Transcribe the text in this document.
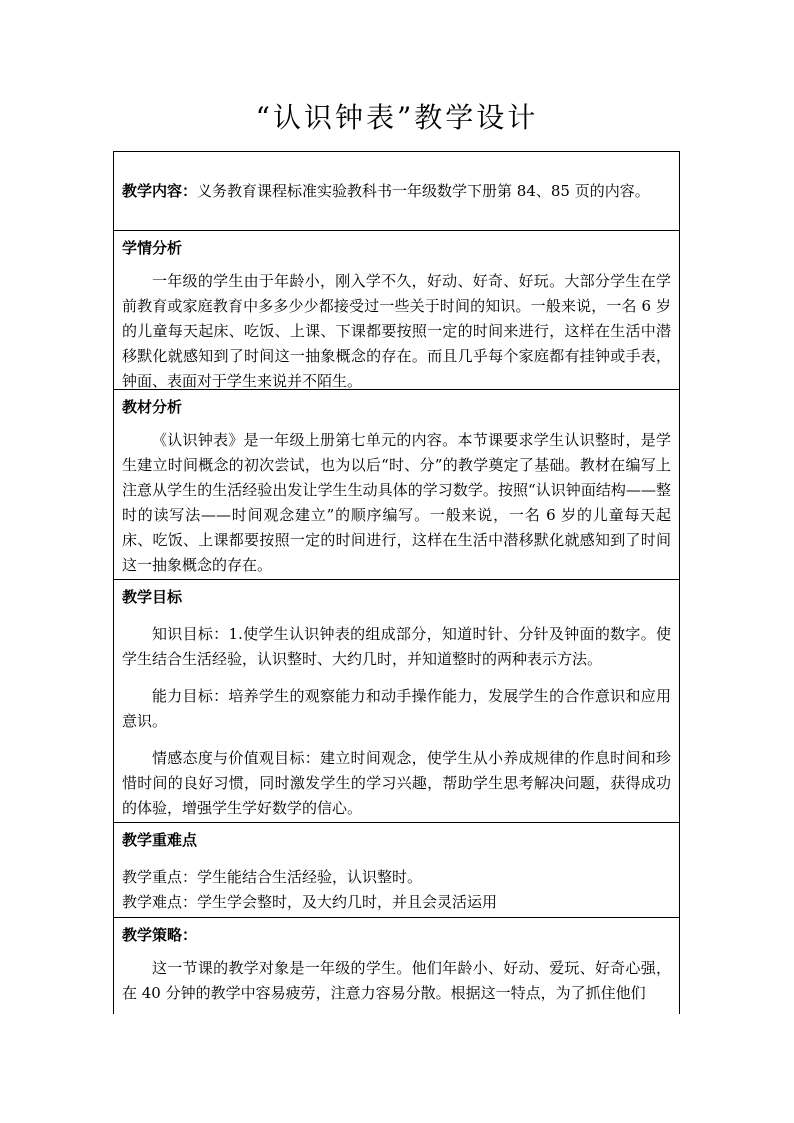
“认识钟表”教学设计
教学内容：义务教育课程标准实验教科书一年级数学下册第 84、85 页的内容。
学情分析

一年级的学生由于年龄小，刚入学不久，好动、好奇、好玩。大部分学生在学前教育或家庭教育中多多少少都接受过一些关于时间的知识。一般来说，一名 6 岁的儿童每天起床、吃饭、上课、下课都要按照一定的时间来进行，这样在生活中潜移默化就感知到了时间这一抽象概念的存在。而且几乎每个家庭都有挂钟或手表，钟面、表面对于学生来说并不陌生。

教材分析

《认识钟表》是一年级上册第七单元的内容。本节课要求学生认识整时，是学生建立时间概念的初次尝试，也为以后“时、分”的教学奠定了基础。教材在编写上注意从学生的生活经验出发让学生生动具体的学习数学。按照“认识钟面结构——整时的读写法——时间观念建立”的顺序编写。一般来说，一名 6 岁的儿童每天起床、吃饭、上课都要按照一定的时间进行，这样在生活中潜移默化就感知到了时间这一抽象概念的存在。

教学目标

知识目标：1.使学生认识钟表的组成部分，知道时针、分针及钟面的数字。使学生结合生活经验，认识整时、大约几时，并知道整时的两种表示方法。

能力目标：培养学生的观察能力和动手操作能力，发展学生的合作意识和应用意识。

情感态度与价值观目标：建立时间观念，使学生从小养成规律的作息时间和珍惜时间的良好习惯，同时激发学生的学习兴趣，帮助学生思考解决问题，获得成功的体验，增强学生学好数学的信心。

教学重难点

教学重点：学生能结合生活经验，认识整时。

教学难点：学生学会整时，及大约几时，并且会灵活运用

教学策略：

这一节课的教学对象是一年级的学生。他们年龄小、好动、爱玩、好奇心强，在 40 分钟的教学中容易疲劳，注意力容易分散。根据这一特点，为了抓住他们
